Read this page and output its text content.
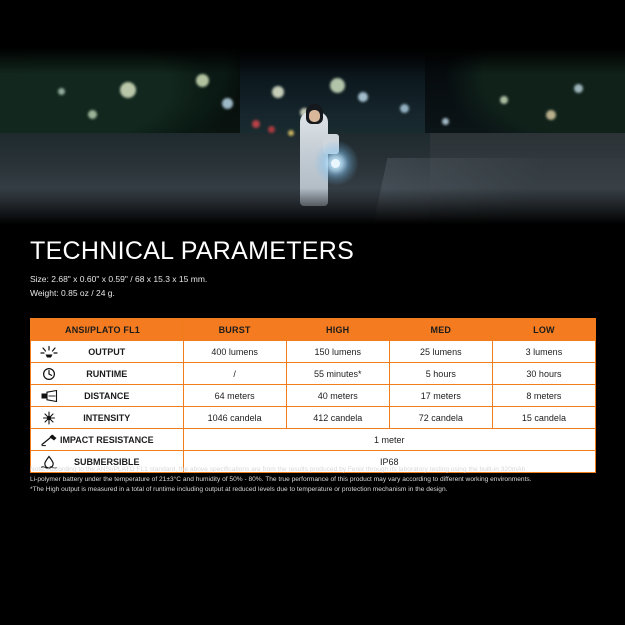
TECHNICAL PARAMETERS
Size: 2.68" x 0.60" x 0.59" / 68 x 15.3 x 15 mm.
Weight: 0.85 oz / 24 g.
ANSI/PLATO FL1	BURST	HIGH	MED	LOW

OUTPUT	400 lumens	150 lumens	25 lumens	3 lumens

RUNTIME	/	55 minutes*	5 hours	30 hours

DISTANCE	64 meters	40 meters	17 meters	8 meters

INTENSITY	1046 candela	412 candela	72 candela	15 candela

IMPACT RESISTANCE	1 meter			

SUBMERSIBLE	IP68			

Note: According to the ANSI/PLATO FL1 standard, the above specifications are from the results produced by Fenix through its laboratory testing using the built-in 320mAh

Li-polymer battery under the temperature of 21±3°C and humidity of 50% - 80%. The true performance of this product may vary according to different working environments.

*The High output is measured in a total of runtime including output at reduced levels due to temperature or protection mechanism in the design.
